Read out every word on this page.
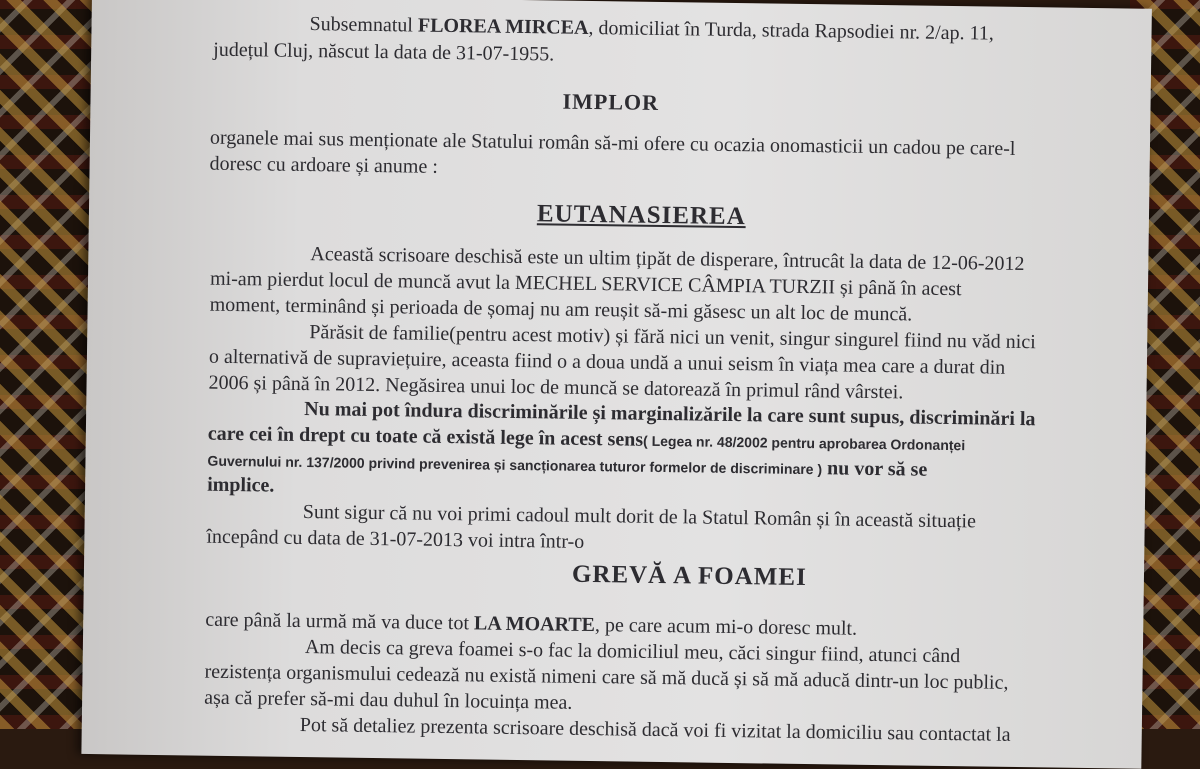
Subsemnatul FLOREA MIRCEA, domiciliat în Turda, strada Rapsodiei nr. 2/ap. 11,
județul Cluj, născut la data de 31-07-1955.
IMPLOR
organele mai sus menționate ale Statului român să-mi ofere cu ocazia onomasticii un cadou pe care-l
doresc cu ardoare și anume :
EUTANASIEREA
Această scrisoare deschisă este un ultim țipăt de disperare, întrucât la data de 12-06-2012
mi-am pierdut locul de muncă avut la MECHEL SERVICE CÂMPIA TURZII și până în acest
moment, terminând și perioada de șomaj nu am reușit să-mi găsesc un alt loc de muncă.
Părăsit de familie(pentru acest motiv) și fără nici un venit, singur singurel fiind nu văd nici
o alternativă de supraviețuire, aceasta fiind o a doua undă a unui seism în viața mea care a durat din
2006 și până în 2012. Negăsirea unui loc de muncă se datorează în primul rând vârstei.
Nu mai pot îndura discriminările și marginalizările la care sunt supus, discriminări la
care cei în drept cu toate că există lege în acest sens( Legea nr. 48/2002 pentru aprobarea Ordonanței
Guvernului nr. 137/2000 privind prevenirea și sancționarea tuturor formelor de discriminare ) nu vor să se
implice.
Sunt sigur că nu voi primi cadoul mult dorit de la Statul Român și în această situație
începând cu data de 31-07-2013 voi intra într-o
GREVĂ A FOAMEI
care până la urmă mă va duce tot LA MOARTE, pe care acum mi-o doresc mult.
Am decis ca greva foamei s-o fac la domiciliul meu, căci singur fiind, atunci când
rezistența organismului cedează nu există nimeni care să mă ducă și să mă aducă dintr-un loc public,
așa că prefer să-mi dau duhul în locuința mea.
Pot să detaliez prezenta scrisoare deschisă dacă voi fi vizitat la domiciliu sau contactat la
